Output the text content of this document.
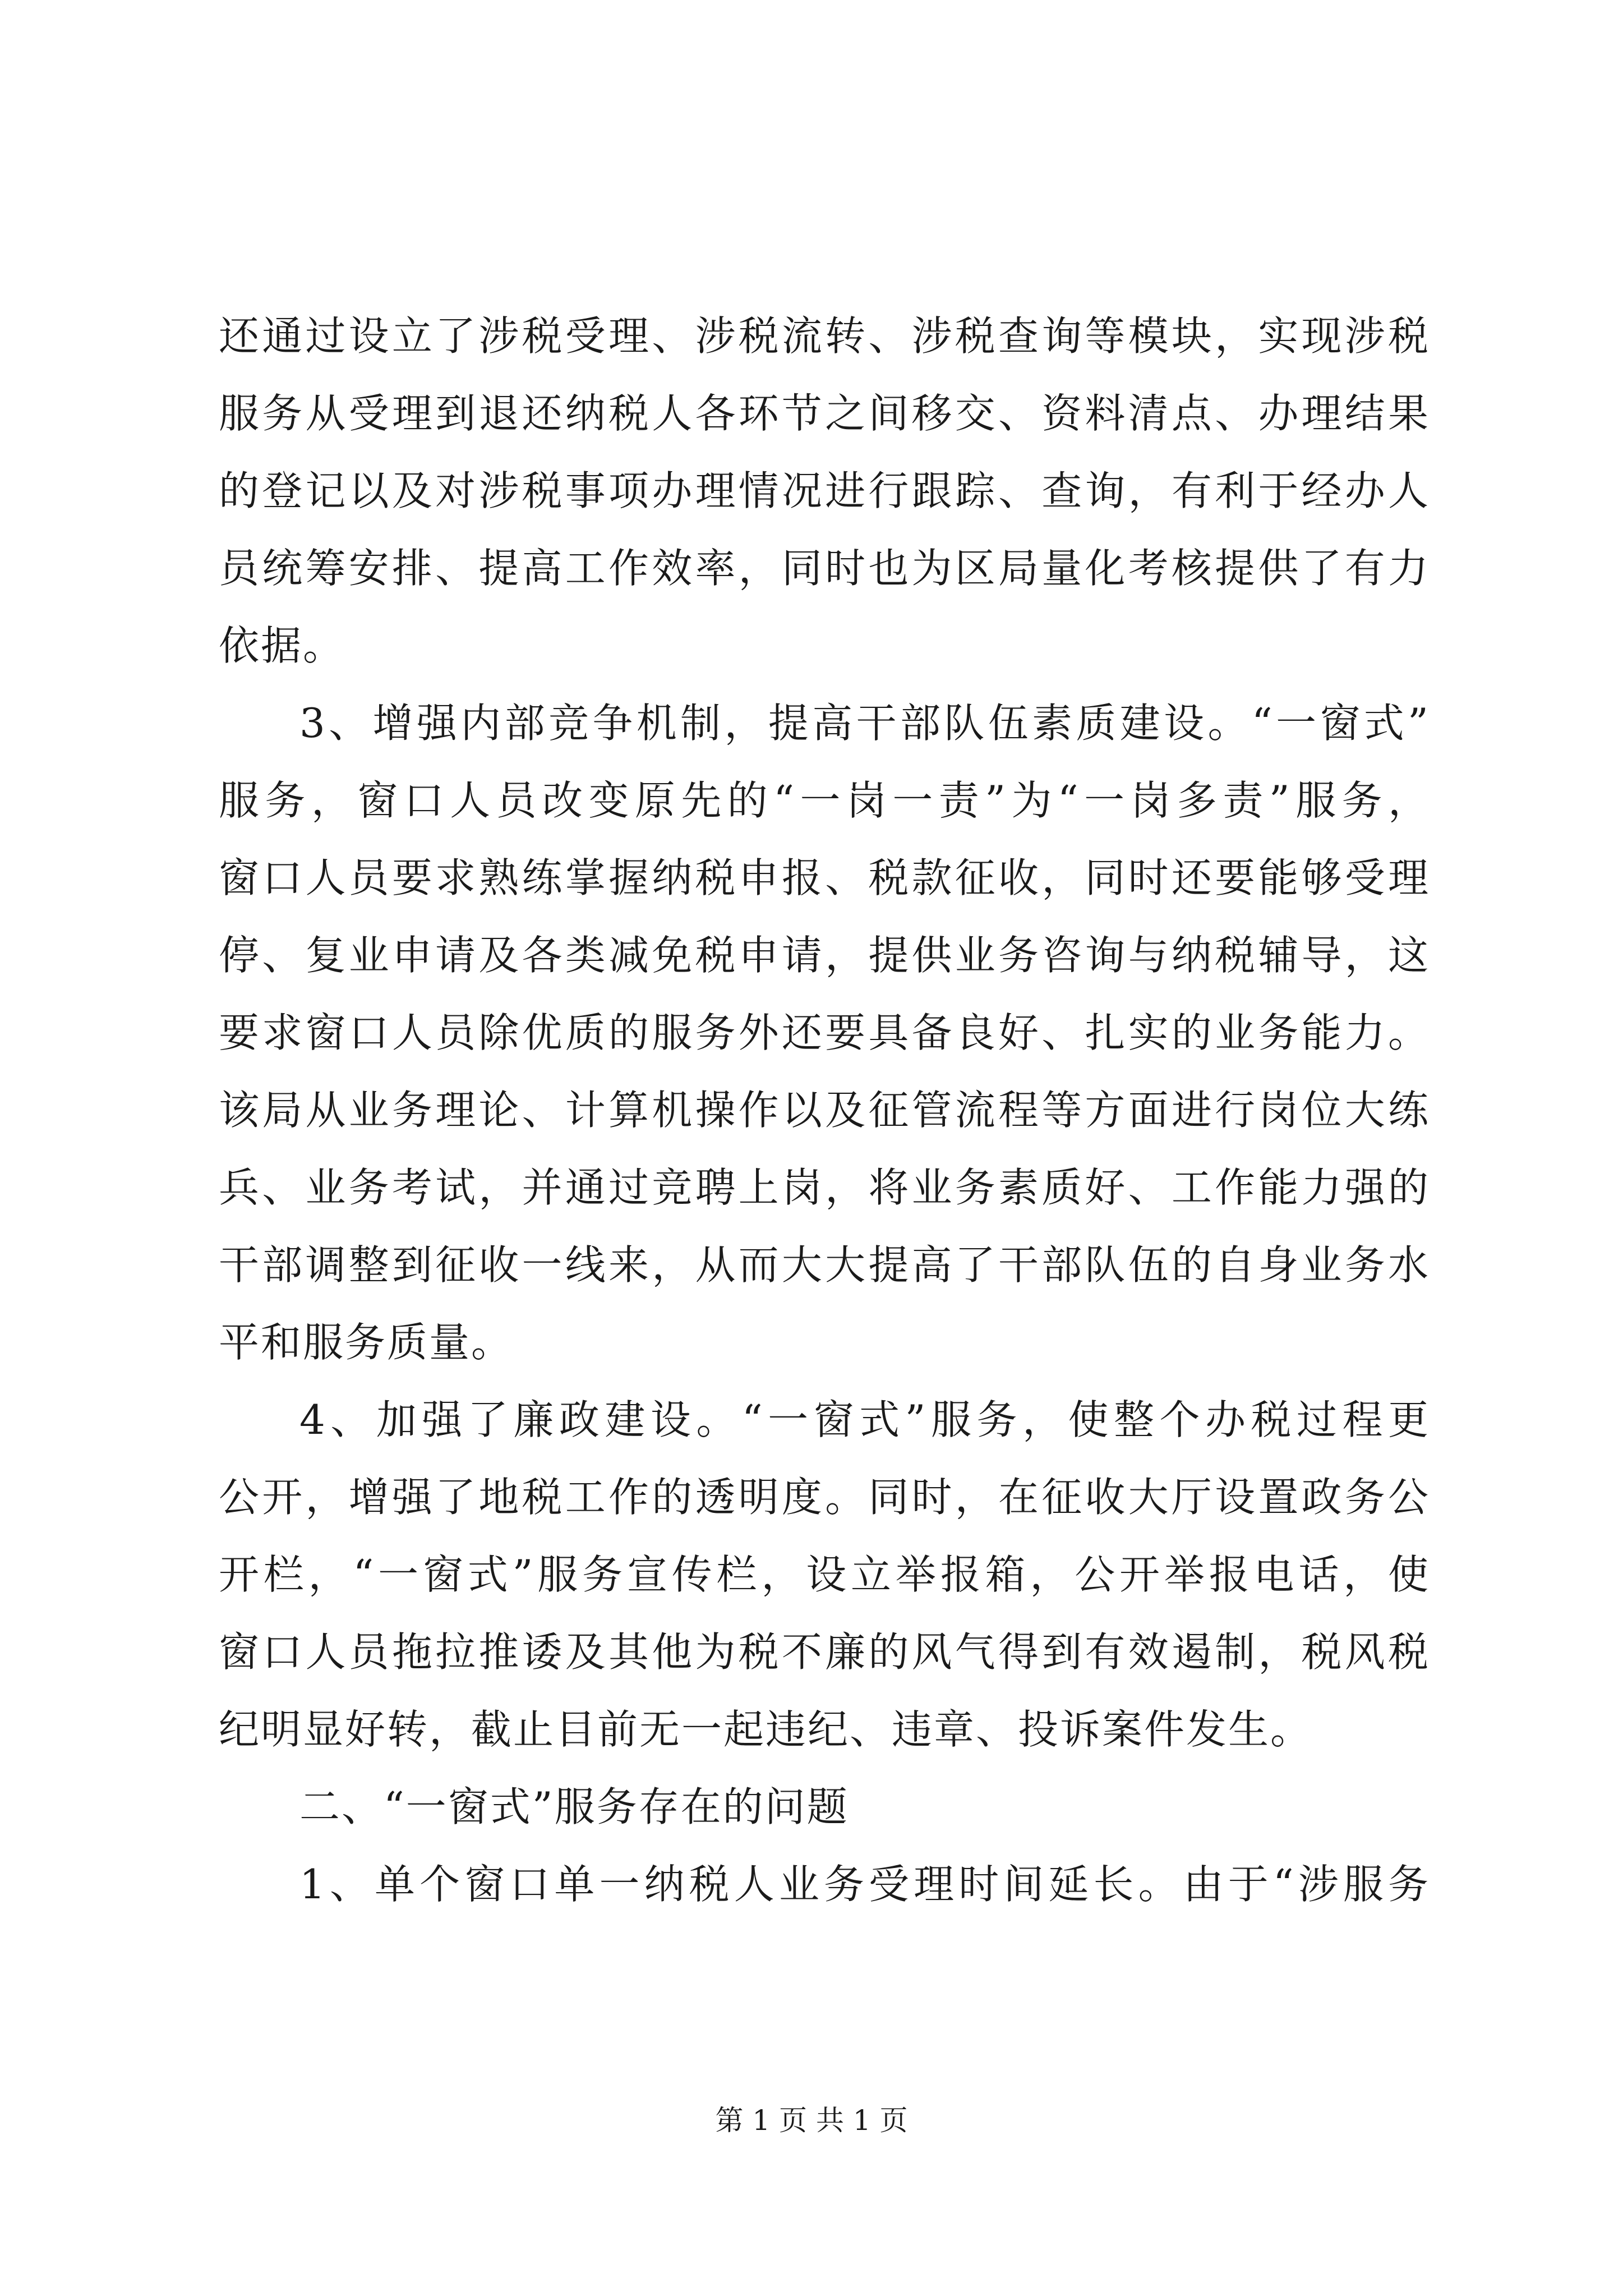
还通过设立了涉税受理、涉税流转、涉税查询等模块，实现涉税
服务从受理到退还纳税人各环节之间移交、资料清点、办理结果
的登记以及对涉税事项办理情况进行跟踪、查询，有利于经办人
员统筹安排、提高工作效率，同时也为区局量化考核提供了有力
依据。
3、增强内部竞争机制，提高干部队伍素质建设。“一窗式”
服务，窗口人员改变原先的“一岗一责”为“一岗多责”服务，
窗口人员要求熟练掌握纳税申报、税款征收，同时还要能够受理
停、复业申请及各类减免税申请，提供业务咨询与纳税辅导，这
要求窗口人员除优质的服务外还要具备良好、扎实的业务能力。
该局从业务理论、计算机操作以及征管流程等方面进行岗位大练
兵、业务考试，并通过竞聘上岗，将业务素质好、工作能力强的
干部调整到征收一线来，从而大大提高了干部队伍的自身业务水
平和服务质量。
4、加强了廉政建设。“一窗式”服务，使整个办税过程更
公开，增强了地税工作的透明度。同时，在征收大厅设置政务公
开栏，“一窗式”服务宣传栏，设立举报箱，公开举报电话，使
窗口人员拖拉推诿及其他为税不廉的风气得到有效遏制，税风税
纪明显好转，截止目前无一起违纪、违章、投诉案件发生。
二、“一窗式”服务存在的问题
1、单个窗口单一纳税人业务受理时间延长。由于“涉服务
第 1 页 共 1 页
